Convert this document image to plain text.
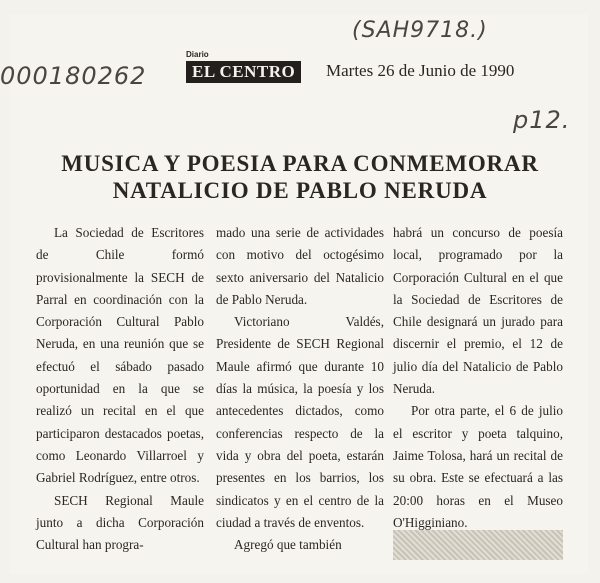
(SAH9718.)
000180262
p12.
Diario
EL CENTRO	Martes 26 de Junio de 1990
MUSICA Y POESIA PARA CONMEMORAR
NATALICIO DE PABLO NERUDA

La Sociedad de Escritores de Chile formó provisionalmente la SECH de Parral en coordinación con la Corporación Cultural Pablo Neruda, en una reunión que se efectuó el sábado pasado oportunidad en la que se realizó un recital en el que participaron destacados poetas, como Leonardo Villarroel y Gabriel Rodríguez, entre otros.

SECH Regional Maule junto a dicha Corporación Cultural han progra-

mado una serie de actividades con motivo del octogésimo sexto aniversario del Natalicio de Pablo Neruda.

Victoriano Valdés, Presidente de SECH Regional Maule afirmó que durante 10 días la música, la poesía y los antecedentes dictados, como conferencias respecto de la vida y obra del poeta, estarán presentes en los barrios, los sindicatos y en el centro de la ciudad a través de enventos.

Agregó que también

habrá un concurso de poesía local, programado por la Corporación Cultural en el que la Sociedad de Escritores de Chile designará un jurado para discernir el premio, el 12 de julio día del Natalicio de Pablo Neruda.

Por otra parte, el 6 de julio el escritor y poeta talquino, Jaime Tolosa, hará un recital de su obra. Este se efectuará a las 20:00 horas en el Museo O'Higginiano.
